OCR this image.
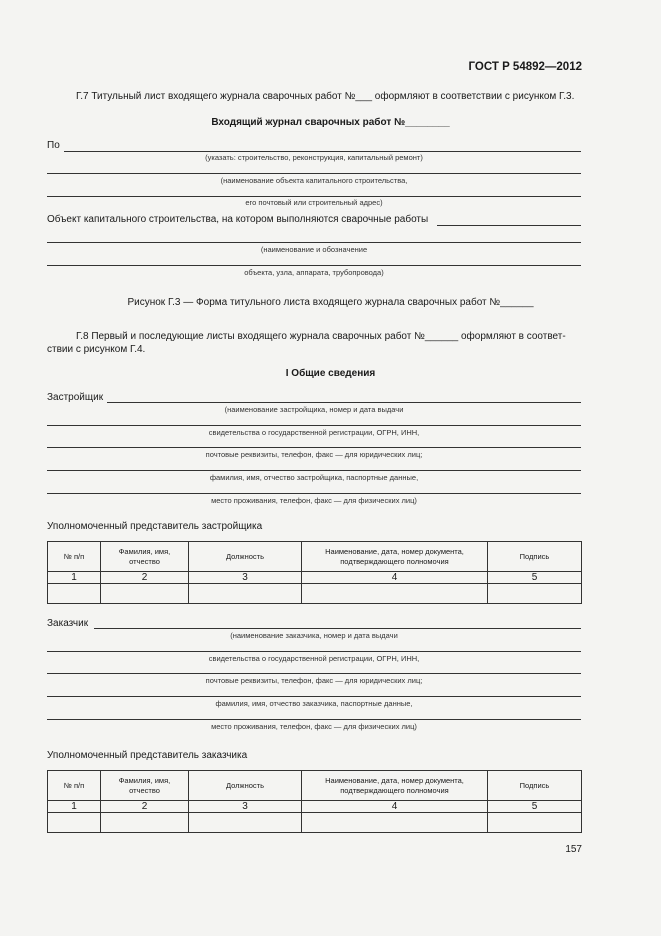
ГОСТ Р 54892—2012
Г.7 Титульный лист входящего журнала сварочных работ №___ оформляют в соответствии с рисунком Г.3.
Входящий журнал сварочных работ №________
По
(указать: строительство, реконструкция, капитальный ремонт)
(наименование объекта капитального строительства,
его почтовый или строительный адрес)
Объект капитального строительства, на котором выполняются сварочные работы
(наименование и обозначение
объекта, узла, аппарата, трубопровода)
Рисунок Г.3 — Форма титульного листа входящего журнала сварочных работ №______
Г.8 Первый и последующие листы входящего журнала сварочных работ №______ оформляют в соответ-
ствии с рисунком Г.4.
I Общие сведения
Застройщик
(наименование застройщика, номер и дата выдачи
свидетельства о государственной регистрации, ОГРН, ИНН,
почтовые реквизиты, телефон, факс — для юридических лиц;
фамилия, имя, отчество застройщика, паспортные данные,
место проживания, телефон, факс — для физических лиц)
Уполномоченный представитель застройщика
№ п/п	Фамилия, имя, отчество	Должность	Наименование, дата, номер документа, подтверждающего полномочия	Подпись
1	2	3	4	5

Заказчик
(наименование заказчика, номер и дата выдачи
свидетельства о государственной регистрации, ОГРН, ИНН,
почтовые реквизиты, телефон, факс — для юридических лиц;
фамилия, имя, отчество заказчика, паспортные данные,
место проживания, телефон, факс — для физических лиц)
Уполномоченный представитель заказчика
№ п/п	Фамилия, имя, отчество	Должность	Наименование, дата, номер документа, подтверждающего полномочия	Подпись
1	2	3	4	5

157
